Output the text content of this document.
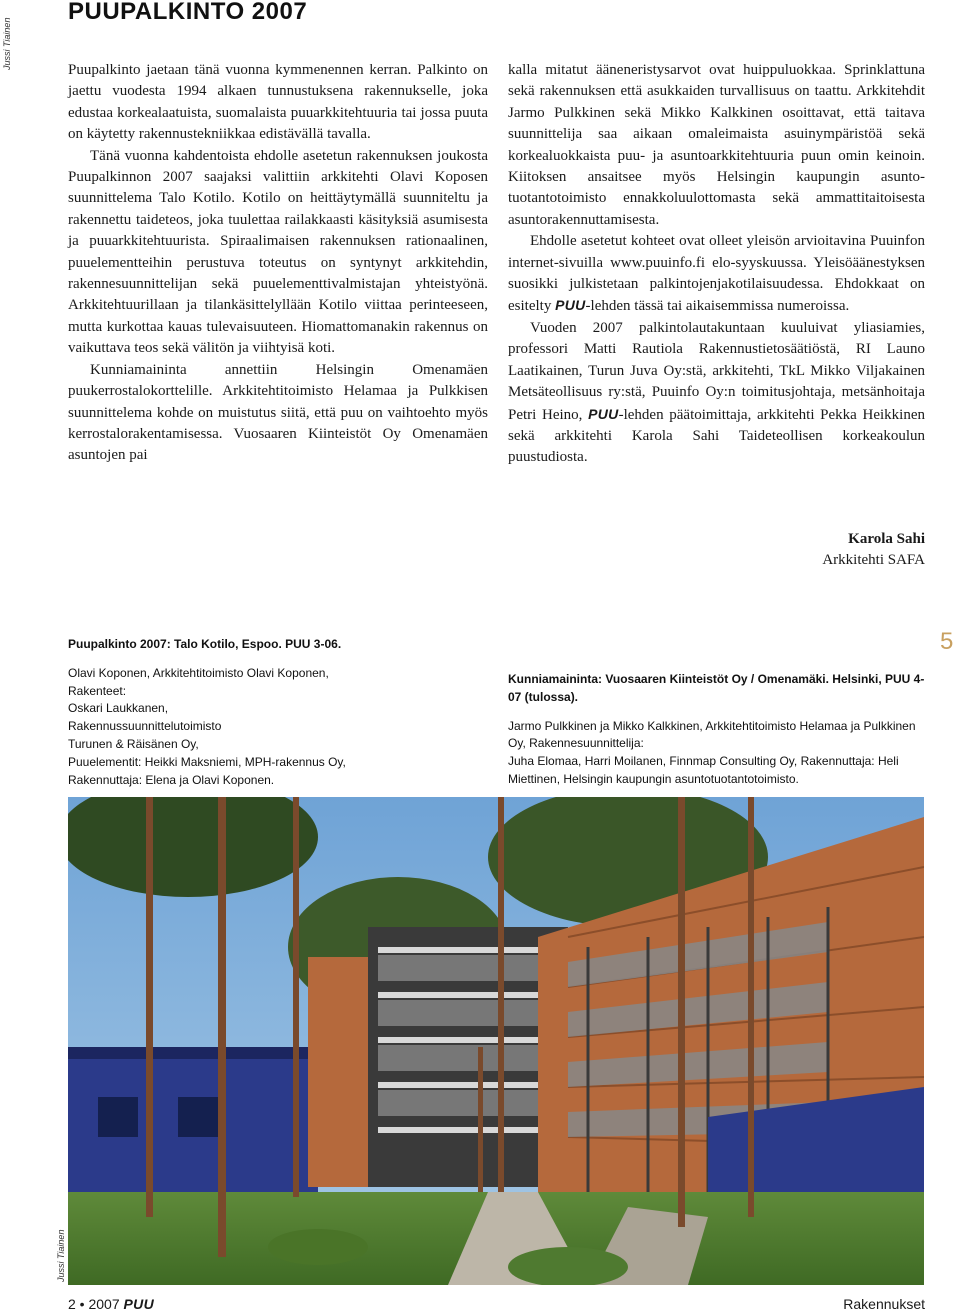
Jussi Tiainen
PUUPALKINTO 2007

Puupalkinto jaetaan tänä vuonna kymmenennen kerran. Palkinto on jaettu vuodesta 1994 alkaen tunnustuksena rakennukselle, joka edustaa korkealaatuista, suomalaista puuarkkitehtuuria tai jossa puuta on käytetty rakennustekniikkaa edistävällä tavalla.

Tänä vuonna kahdentoista ehdolle asetetun rakennuksen joukosta Puupalkinnon 2007 saajaksi valittiin arkkitehti Olavi Koposen suunnittelema Talo Kotilo. Kotilo on heittäytymällä suunniteltu ja rakennettu taideteos, joka tuulettaa railakkaasti käsityksiä asumisesta ja puuarkkitehtuurista. Spiraalimaisen rakennuksen rationaalinen, puuelementteihin perustuva toteutus on syntynyt arkkitehdin, rakennesuunnittelijan sekä puuelementtivalmistajan yhteistyönä. Arkkitehtuurillaan ja tilankäsittelyllään Kotilo viittaa perinteeseen, mutta kurkottaa kauas tulevaisuuteen. Hiomattomanakin rakennus on vaikuttava teos sekä välitön ja viihtyisä koti.

Kunniamaininta annettiin Helsingin Omenamäen puukerrostalokorttelille. Arkkitehtitoimisto Helamaa ja Pulkkisen suunnittelema kohde on muistutus siitä, että puu on vaihtoehto myös kerrostalorakentamisessa. Vuosaaren Kiinteistöt Oy Omenamäen asuntojen pai

kalla mitatut ääneneristysarvot ovat huippuluokkaa. Sprinklattuna sekä rakennuksen että asukkaiden turvallisuus on taattu. Arkkitehdit Jarmo Pulkkinen sekä Mikko Kalkkinen osoittavat, että taitava suunnittelija saa aikaan omaleimaista asuinympäristöä sekä korkealuokkaista puu- ja asuntoarkkitehtuuria puun omin keinoin. Kiitoksen ansaitsee myös Helsingin kaupungin asuntotuotantotoimisto ennakkoluulottomasta sekä ammattitaitoisesta asuntorakennuttamisesta.

Ehdolle asetetut kohteet ovat olleet yleisön arvioitavina Puuinfon internet-sivuilla www.puuinfo.fi elo-syyskuussa. Yleisöäänestyksen suosikki julkistetaan palkintojenjakotilaisuudessa. Ehdokkaat on esitelty PUU-lehden tässä tai aikaisemmissa numeroissa.

Vuoden 2007 palkintolautakuntaan kuuluivat yliasiamies, professori Matti Rautiola Rakennustietosäätiöstä, RI Launo Laatikainen, Turun Juva Oy:stä, arkkitehti, TkL Mikko Viljakainen Metsäteollisuus ry:stä, Puuinfo Oy:n toimitusjohtaja, metsänhoitaja Petri Heino, PUU-lehden päätoimittaja, arkkitehti Pekka Heikkinen sekä arkkitehti Karola Sahi Taideteollisen korkeakoulun puustudiosta.

Karola Sahi
Arkkitehti SAFA
Puupalkinto 2007: Talo Kotilo, Espoo. PUU 3-06.
Olavi Koponen, Arkkitehtitoimisto Olavi Koponen,
Rakenteet:
Oskari Laukkanen,
Rakennussuunnittelutoimisto
Turunen & Räisänen Oy,
Puuelementit: Heikki Maksniemi, MPH-rakennus Oy,
Rakennuttaja: Elena ja Olavi Koponen.
5
Kunniamaininta: Vuosaaren Kiinteistöt Oy / Omenamäki. Helsinki, PUU 4-07 (tulossa).
Jarmo Pulkkinen ja Mikko Kalkkinen, Arkkitehtitoimisto Helamaa ja Pulkkinen Oy, Rakennesuunnittelija:
Juha Elomaa, Harri Moilanen, Finnmap Consulting Oy, Rakennuttaja: Heli Miettinen, Helsingin kaupungin asuntotuotantotoimisto.
Jussi Tiainen
2 • 2007 PUU	Rakennukset
